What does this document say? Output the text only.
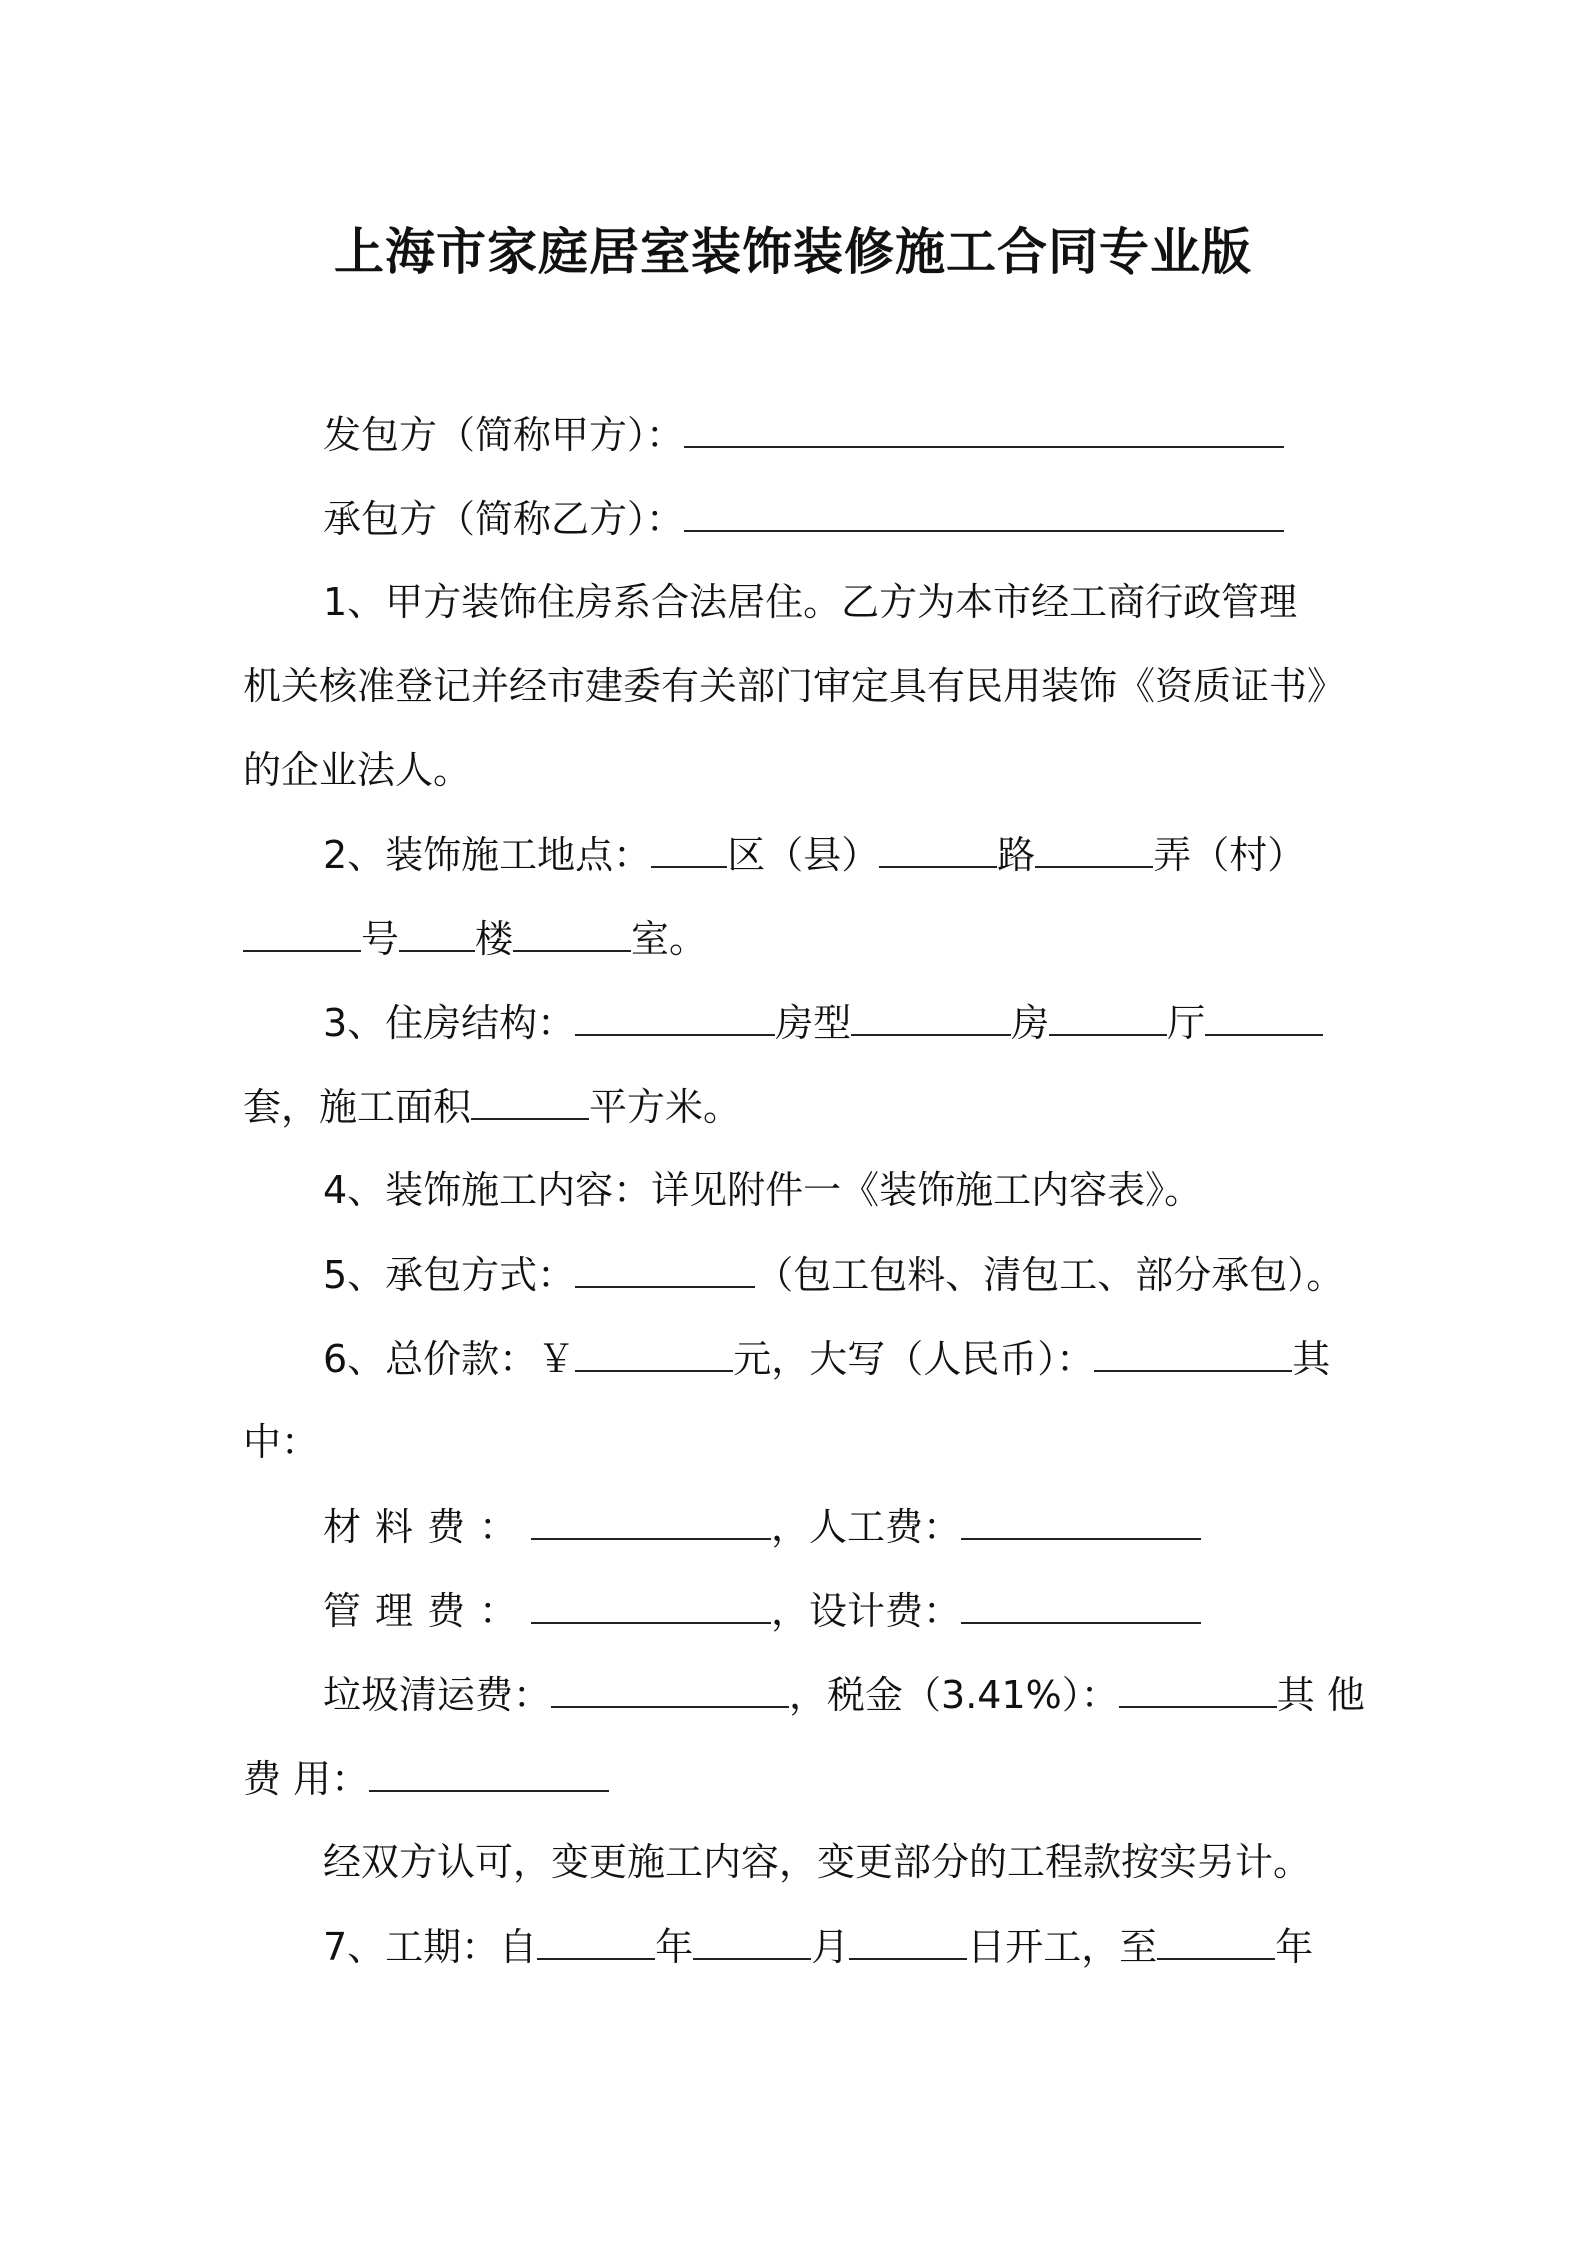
上海市家庭居室装饰装修施工合同专业版
发包方（简称甲方）：
承包方（简称乙方）：
1、甲方装饰住房系合法居住。乙方为本市经工商行政管理
机关核准登记并经市建委有关部门审定具有民用装饰《资质证书》
的企业法人。
2、装饰施工地点： 区（县）	路	弄（村）
号 楼	室。
3、住房结构：	房型	房	厅
套，施工面积	平方米。
4、装饰施工内容：详见附件一《装饰施工内容表》。
5、承包方式：	（包工包料、清包工、部分承包）。
6、总价款：￥	元，大写（人民币）：	其
中：
材料费：	，人工费：
管理费：	，设计费：
垃圾清运费：	，税金（3.41%）：	其 他
费 用：
经双方认可，变更施工内容，变更部分的工程款按实另计。
7、工期：自	年	月	日开工，至	年
